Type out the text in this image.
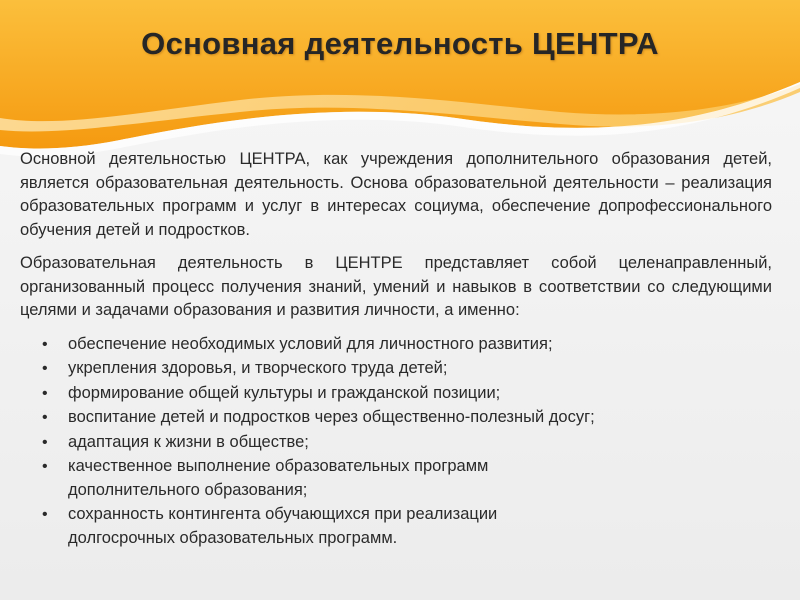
Основная деятельность ЦЕНТРА

Основной деятельностью ЦЕНТРА, как учреждения дополнительного образования детей, является образовательная деятельность. Основа образовательной деятельности – реализация образовательных программ и услуг в интересах социума, обеспечение допрофессионального обучения детей и подростков.

Образовательная деятельность в ЦЕНТРЕ представляет собой целенаправленный, организованный процесс получения знаний, умений и навыков в соответствии со следующими целями и задачами образования и развития личности, а именно:

• обеспечение необходимых условий для личностного развития;
• укрепления здоровья, и творческого труда детей;
• формирование общей культуры и гражданской позиции;
• воспитание детей и подростков через общественно-полезный досуг;
• адаптация к жизни в обществе;
• качественное выполнение образовательных программ дополнительного образования;
• сохранность контингента обучающихся при реализации долгосрочных образовательных программ.
